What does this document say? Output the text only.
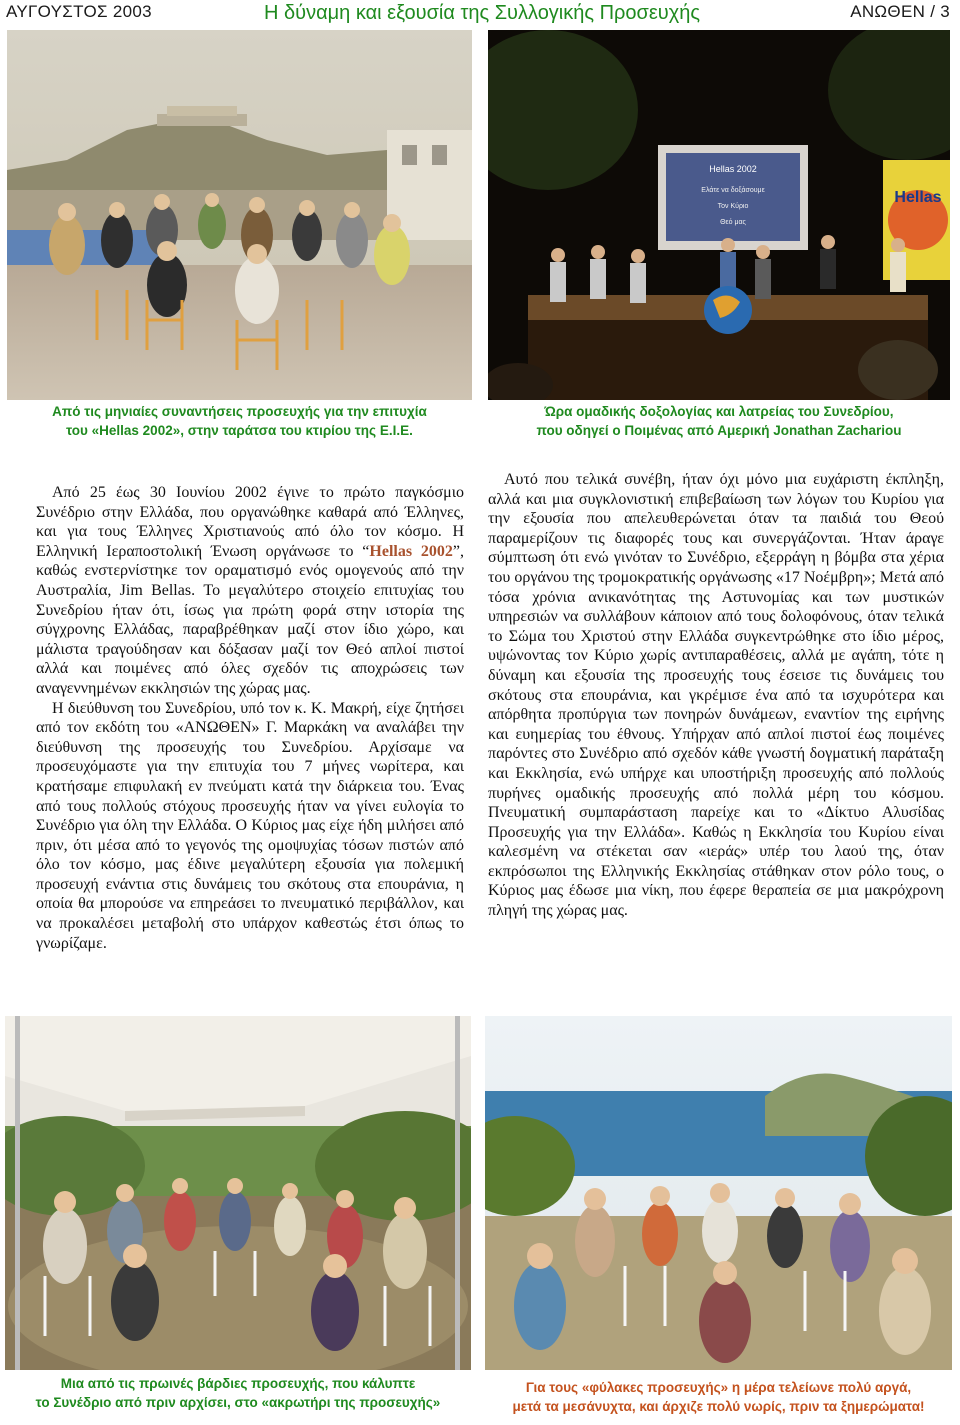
ΑΥΓΟΥΣΤΟΣ 2003	Η δύναμη και εξουσία της Συλλογικής Προσευχής	ΑΝΩΘΕΝ / 3
Hellas 2002
Ελάτε να δοξάσουμε
Τον Κύριο
Θεό μας
Hellas
Από τις μηνιαίες συναντήσεις προσευχής για την επιτυχία
του «Hellas 2002», στην ταράτσα του κτιρίου της Ε.Ι.Ε.
Ώρα ομαδικής δοξολογίας και λατρείας του Συνεδρίου,
που οδηγεί ο Ποιμένας από Αμερική Jonathan Zachariou

Από 25 έως 30 Ιουνίου 2002 έγινε το πρώτο παγκόσμιο Συνέδριο στην Ελλάδα, που οργανώθηκε καθαρά από Έλληνες, και για τους Έλληνες Χριστιανούς από όλο τον κόσμο. Η Ελληνική Ιεραποστολική Ένωση οργάνωσε το “Hellas 2002”, καθώς ενστερνίστηκε τον οραματισμό ενός ομογενούς από την Αυστραλία, Jim Bellas. Το μεγαλύτερο στοιχείο επιτυχίας του Συνεδρίου ήταν ότι, ίσως για πρώτη φορά στην ιστορία της σύγχρονης Ελλάδας, παραβρέθηκαν μαζί στον ίδιο χώρο, και μάλιστα τραγούδησαν και δόξασαν μαζί τον Θεό απλοί πιστοί αλλά και ποιμένες από όλες σχεδόν τις αποχρώσεις των αναγεννημένων εκκλησιών της χώρας μας.

Η διεύθυνση του Συνεδρίου, υπό τον κ. Κ. Μακρή, είχε ζητήσει από τον εκδότη του «ΑΝΩΘΕΝ» Γ. Μαρκάκη να αναλάβει την διεύθυνση της προσευχής του Συνεδρίου. Αρχίσαμε να προσευχόμαστε για την επιτυχία του 7 μήνες νωρίτερα, και κρατήσαμε επιφυλακή εν πνεύματι κατά την διάρκεια του. Ένας από τους πολλούς στόχους προσευχής ήταν να γίνει ευλογία το Συνέδριο για όλη την Ελλάδα. Ο Κύριος μας είχε ήδη μιλήσει από πριν, ότι μέσα από το γεγονός της ομοψυχίας τόσων πιστών από όλο τον κόσμο, μας έδινε μεγαλύτερη εξουσία για πολεμική προσευχή ενάντια στις δυνάμεις του σκότους στα επουράνια, η οποία θα μπορούσε να επηρεάσει το πνευματικό περιβάλλον, και να προκαλέσει μεταβολή στο υπάρχον καθεστώς έτσι όπως το γνωρίζαμε.

Αυτό που τελικά συνέβη, ήταν όχι μόνο μια ευχάριστη έκπληξη, αλλά και μια συγκλονιστική επιβεβαίωση των λόγων του Κυρίου για την εξουσία που απελευθερώνεται όταν τα παιδιά του Θεού παραμερίζουν τις διαφορές τους και συνεργάζονται. Ήταν άραγε σύμπτωση ότι ενώ γινόταν το Συνέδριο, εξερράγη η βόμβα στα χέρια του οργάνου της τρομοκρατικής οργάνωσης «17 Νοέμβρη»; Μετά από τόσα χρόνια ανικανότητας της Αστυνομίας και των μυστικών υπηρεσιών να συλλάβουν κάποιον από τους δολοφόνους, όταν τελικά το Σώμα του Χριστού στην Ελλάδα συγκεντρώθηκε στο ίδιο μέρος, υψώνοντας τον Κύριο χωρίς αντιπαραθέσεις, αλλά με αγάπη, τότε η δύναμη και εξουσία της προσευχής τους έσεισε τις δυνάμεις του σκότους στα επουράνια, και γκρέμισε ένα από τα ισχυρότερα και απόρθητα προπύργια των πονηρών δυνάμεων, εναντίον της ειρήνης και ευημερίας του έθνους. Υπήρχαν από απλοί πιστοί έως ποιμένες παρόντες στο Συνέδριο από σχεδόν κάθε γνωστή δογματική παράταξη και Εκκλησία, ενώ υπήρχε και υποστήριξη προσευχής από πολλούς πυρήνες ομαδικής προσευχής από πολλά μέρη του κόσμου. Πνευματική συμπαράσταση παρείχε και το «Δίκτυο Αλυσίδας Προσευχής για την Ελλάδα». Καθώς η Εκκλησία του Κυρίου είναι καλεσμένη να στέκεται σαν «ιεράς» υπέρ του λαού της, όταν εκπρόσωποι της Ελληνικής Εκκλησίας στάθηκαν στον ρόλο τους, ο Κύριος μας έδωσε μια νίκη, που έφερε θεραπεία σε μια μακρόχρονη πληγή της χώρας μας.

Μια από τις πρωινές βάρδιες προσευχής, που κάλυπτε
το Συνέδριο από πριν αρχίσει, στο «ακρωτήρι της προσευχής»
Για τους «φύλακες προσευχής» η μέρα τελείωνε πολύ αργά,
μετά τα μεσάνυχτα, και άρχιζε πολύ νωρίς, πριν τα ξημερώματα!
